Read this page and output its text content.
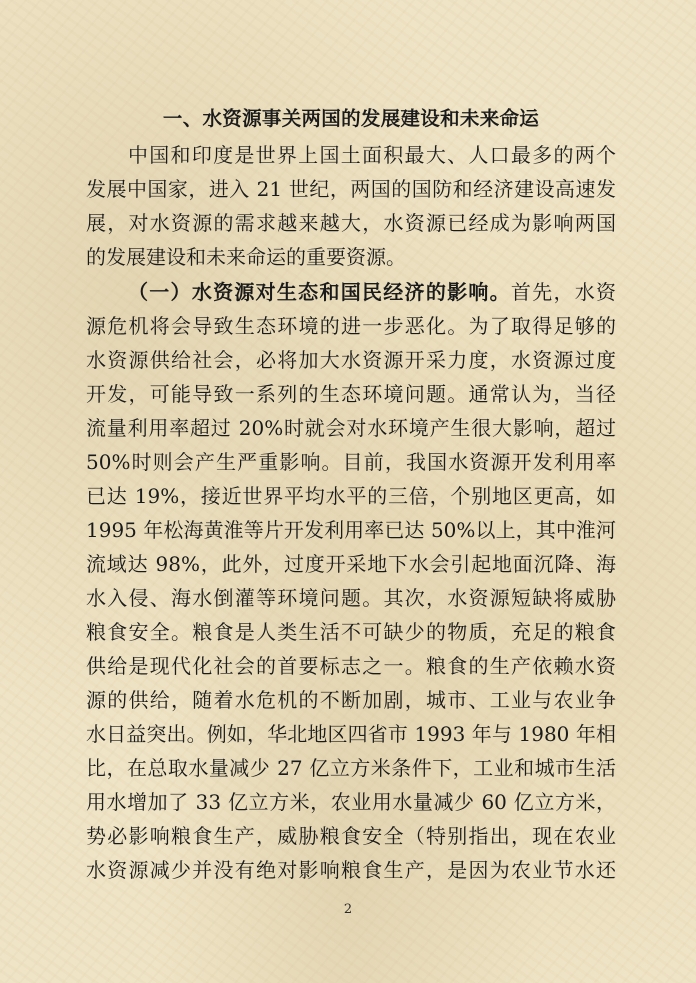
一、水资源事关两国的发展建设和未来命运
中国和印度是世界上国土面积最大、人口最多的两个
发展中国家，进入 21 世纪，两国的国防和经济建设高速发
展，对水资源的需求越来越大，水资源已经成为影响两国
的发展建设和未来命运的重要资源。
（一）水资源对生态和国民经济的影响。首先，水资
源危机将会导致生态环境的进一步恶化。为了取得足够的
水资源供给社会，必将加大水资源开采力度，水资源过度
开发，可能导致一系列的生态环境问题。通常认为，当径
流量利用率超过 20%时就会对水环境产生很大影响，超过
50%时则会产生严重影响。目前，我国水资源开发利用率
已达 19%，接近世界平均水平的三倍，个别地区更高，如
1995 年松海黄淮等片开发利用率已达 50%以上，其中淮河
流域达 98%，此外，过度开采地下水会引起地面沉降、海
水入侵、海水倒灌等环境问题。其次，水资源短缺将威胁
粮食安全。粮食是人类生活不可缺少的物质，充足的粮食
供给是现代化社会的首要标志之一。粮食的生产依赖水资
源的供给，随着水危机的不断加剧，城市、工业与农业争
水日益突出。例如，华北地区四省市 1993 年与 1980 年相
比，在总取水量减少 27 亿立方米条件下，工业和城市生活
用水增加了 33 亿立方米，农业用水量减少 60 亿立方米，
势必影响粮食生产，威胁粮食安全（特别指出，现在农业
水资源减少并没有绝对影响粮食生产，是因为农业节水还
2
